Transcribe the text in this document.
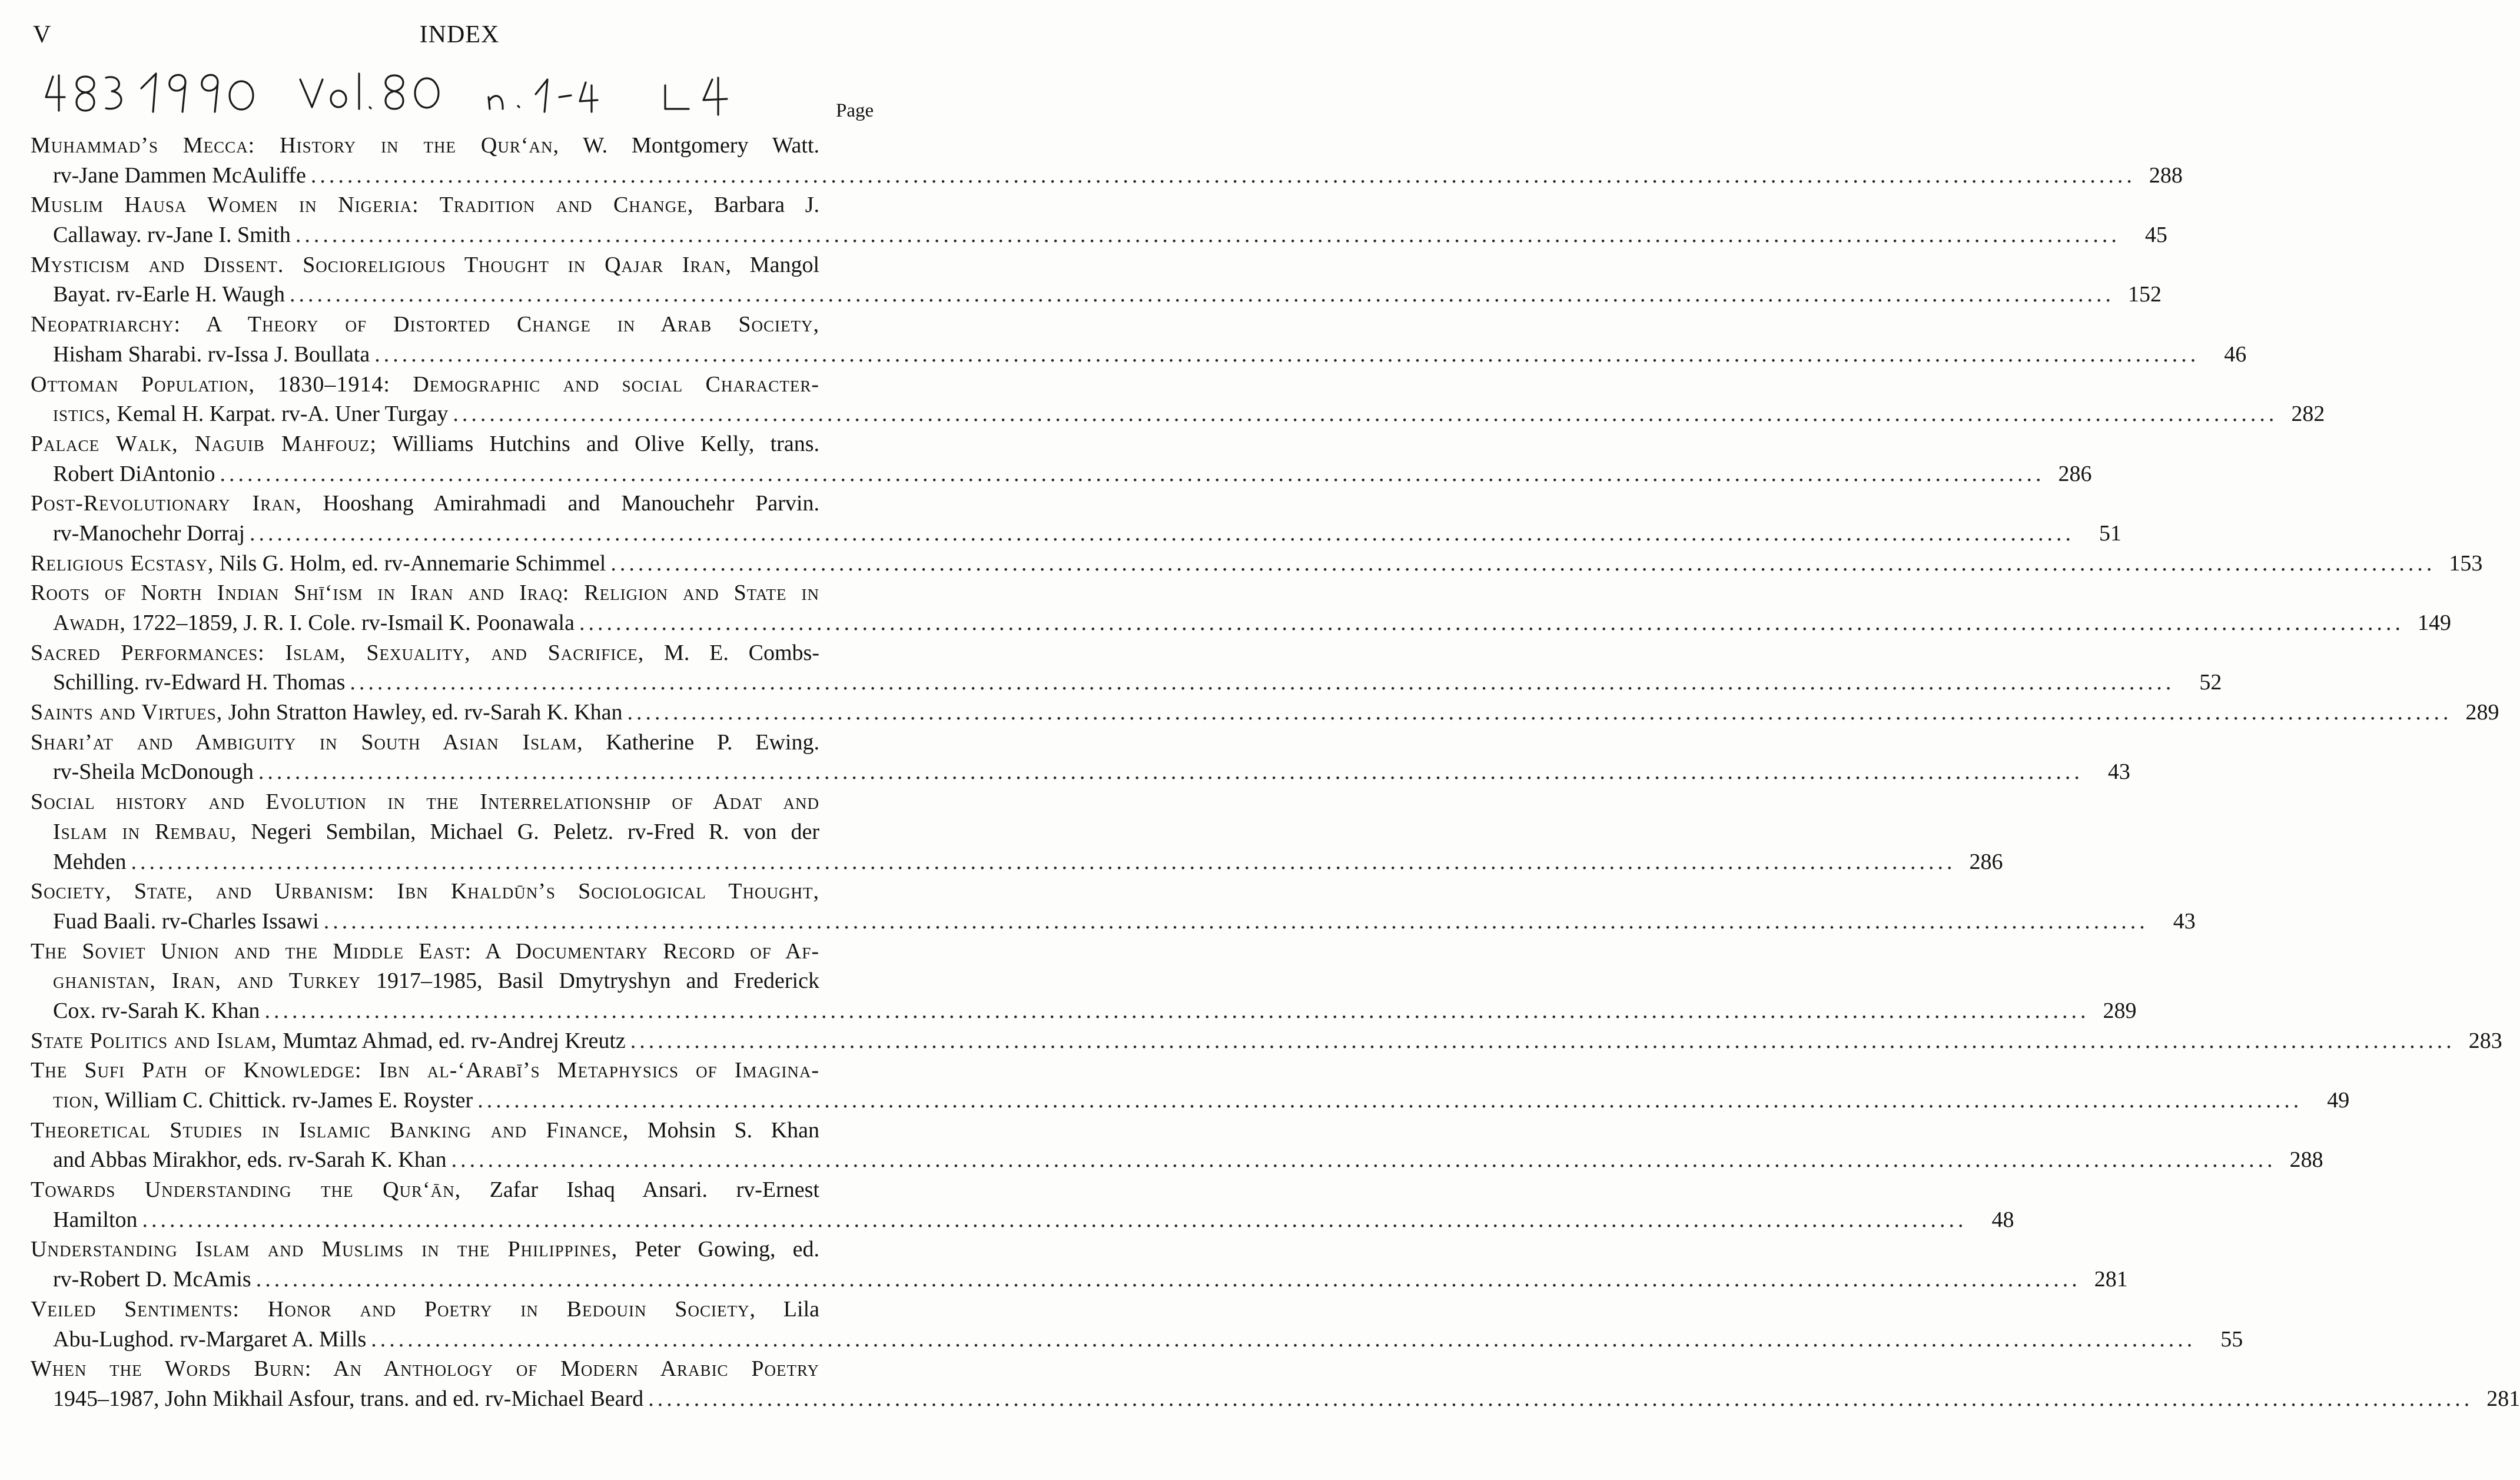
V	INDEX
Page
Muhammad’s Mecca: History in the Qur‘an, W. Montgomery Watt.
rv-Jane Dammen McAuliffe ........................................................................................................................................................................................................ 288
Muslim Hausa Women in Nigeria: Tradition and Change, Barbara J.
Callaway. rv-Jane I. Smith ........................................................................................................................................................................................................	45
Mysticism and Dissent. Socioreligious Thought in Qajar Iran, Mangol
Bayat. rv-Earle H. Waugh ........................................................................................................................................................................................................ 152
Neopatriarchy: A Theory of Distorted Change in Arab Society,
Hisham Sharabi. rv-Issa J. Boullata ........................................................................................................................................................................................................	46
Ottoman Population, 1830–1914: Demographic and social Character-
istics, Kemal H. Karpat. rv-A. Uner Turgay ........................................................................................................................................................................................................ 282
Palace Walk, Naguib Mahfouz; Williams Hutchins and Olive Kelly, trans.
Robert DiAntonio ........................................................................................................................................................................................................ 286
Post-Revolutionary Iran, Hooshang Amirahmadi and Manouchehr Parvin.
rv-Manochehr Dorraj ........................................................................................................................................................................................................	51
Religious Ecstasy, Nils G. Holm, ed. rv-Annemarie Schimmel ........................................................................................................................................................................................................ 153
Roots of North Indian Shī‘ism in Iran and Iraq: Religion and State in
Awadh, 1722–1859, J. R. I. Cole. rv-Ismail K. Poonawala ........................................................................................................................................................................................................ 149
Sacred Performances: Islam, Sexuality, and Sacrifice, M. E. Combs-
Schilling. rv-Edward H. Thomas ........................................................................................................................................................................................................	52
Saints and Virtues, John Stratton Hawley, ed. rv-Sarah K. Khan ........................................................................................................................................................................................................ 289
Shari’at and Ambiguity in South Asian Islam, Katherine P. Ewing.
rv-Sheila McDonough ........................................................................................................................................................................................................	43
Social history and Evolution in the Interrelationship of Adat and
Islam in Rembau, Negeri Sembilan, Michael G. Peletz. rv-Fred R. von der
Mehden ........................................................................................................................................................................................................ 286
Society, State, and Urbanism: Ibn Khaldūn’s Sociological Thought,
Fuad Baali. rv-Charles Issawi ........................................................................................................................................................................................................	43
The Soviet Union and the Middle East: A Documentary Record of Af-
ghanistan, Iran, and Turkey 1917–1985, Basil Dmytryshyn and Frederick
Cox. rv-Sarah K. Khan ........................................................................................................................................................................................................ 289
State Politics and Islam, Mumtaz Ahmad, ed. rv-Andrej Kreutz ........................................................................................................................................................................................................ 283
The Sufi Path of Knowledge: Ibn al-‘Arabī’s Metaphysics of Imagina-
tion, William C. Chittick. rv-James E. Royster ........................................................................................................................................................................................................	49
Theoretical Studies in Islamic Banking and Finance, Mohsin S. Khan
and Abbas Mirakhor, eds. rv-Sarah K. Khan ........................................................................................................................................................................................................ 288
Towards Understanding the Qur‘ān, Zafar Ishaq Ansari. rv-Ernest
Hamilton ........................................................................................................................................................................................................	48
Understanding Islam and Muslims in the Philippines, Peter Gowing, ed.
rv-Robert D. McAmis ........................................................................................................................................................................................................ 281
Veiled Sentiments: Honor and Poetry in Bedouin Society, Lila
Abu-Lughod. rv-Margaret A. Mills ........................................................................................................................................................................................................	55
When the Words Burn: An Anthology of Modern Arabic Poetry
1945–1987, John Mikhail Asfour, trans. and ed. rv-Michael Beard ........................................................................................................................................................................................................ 281
